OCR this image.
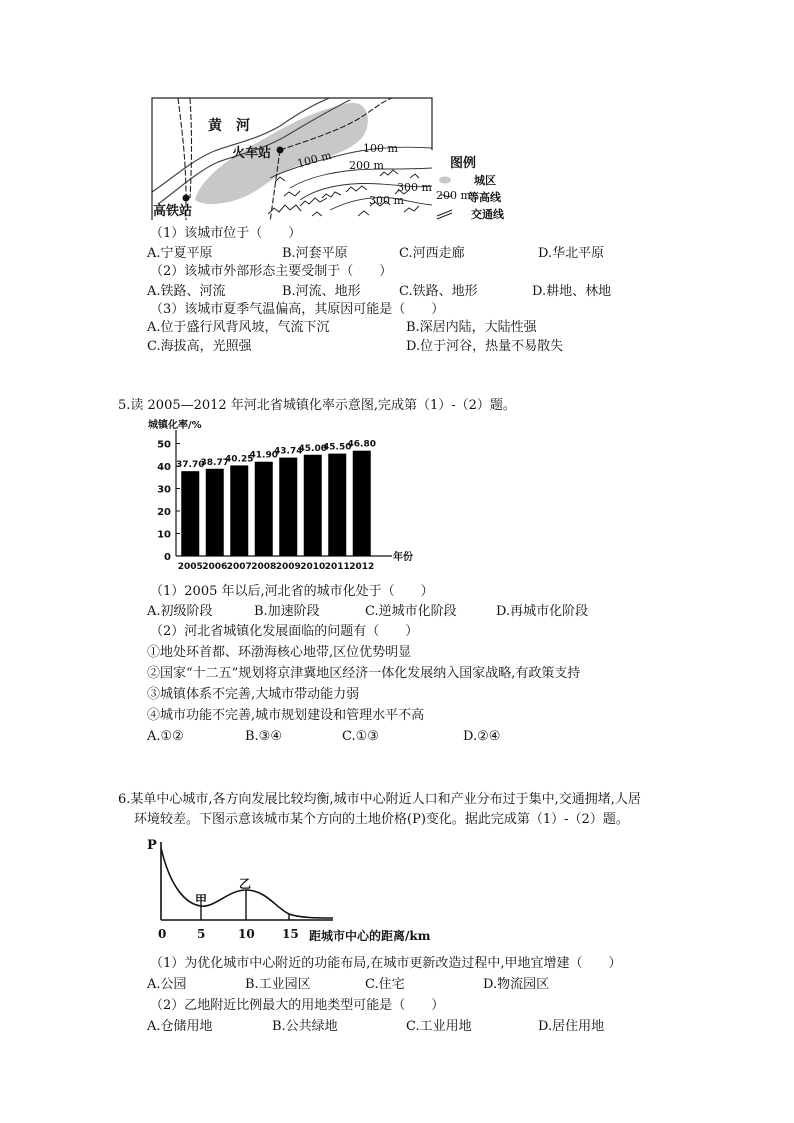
黄　河
火车站
高铁站
100 m
100 m 200 m
300 m
300 m	200 m
图例
城区
等高线
交通线
（1）该城市位于（　　）
A.宁夏平原	B.河套平原	C.河西走廊	D.华北平原
（2）该城市外部形态主要受制于（　　）
A.铁路、河流	B.河流、地形	C.铁路、地形	D.耕地、林地
（3）该城市夏季气温偏高，其原因可能是（　　）
A.位于盛行风背风坡，气流下沉	B.深居内陆，大陆性强
C.海拔高，光照强	D.位于河谷，热量不易散失
5.读 2005—2012 年河北省城镇化率示意图,完成第（1）-（2）题。
城镇化率/%
0
10
20
30
40
50
37.70
2005
38.77
2006
40.25
2007
41.90
2008
43.74
2009
45.00
2010
45.50
2011
46.80
2012
年份
（1）2005 年以后,河北省的城市化处于（　　）
A.初级阶段	B.加速阶段	C.逆城市化阶段	D.再城市化阶段
（2）河北省城镇化发展面临的问题有（　　）
①地处环首都、环渤海核心地带,区位优势明显
②国家“十二五”规划将京津冀地区经济一体化发展纳入国家战略,有政策支持
③城镇体系不完善,大城市带动能力弱
④城市功能不完善,城市规划建设和管理水平不高
A.①②	B.③④	C.①③	D.②④
6.某单中心城市,各方向发展比较均衡,城市中心附近人口和产业分布过于集中,交通拥堵,人居
环境较差。下图示意该城市某个方向的土地价格(P)变化。据此完成第（1）-（2）题。
P
甲
乙
0	5	10 15 距城市中心的距离/km
（1）为优化城市中心附近的功能布局,在城市更新改造过程中,甲地宜增建（　　）
A.公园	B.工业园区	C.住宅	D.物流园区
（2）乙地附近比例最大的用地类型可能是（　　）
A.仓储用地	B.公共绿地	C.工业用地	D.居住用地
